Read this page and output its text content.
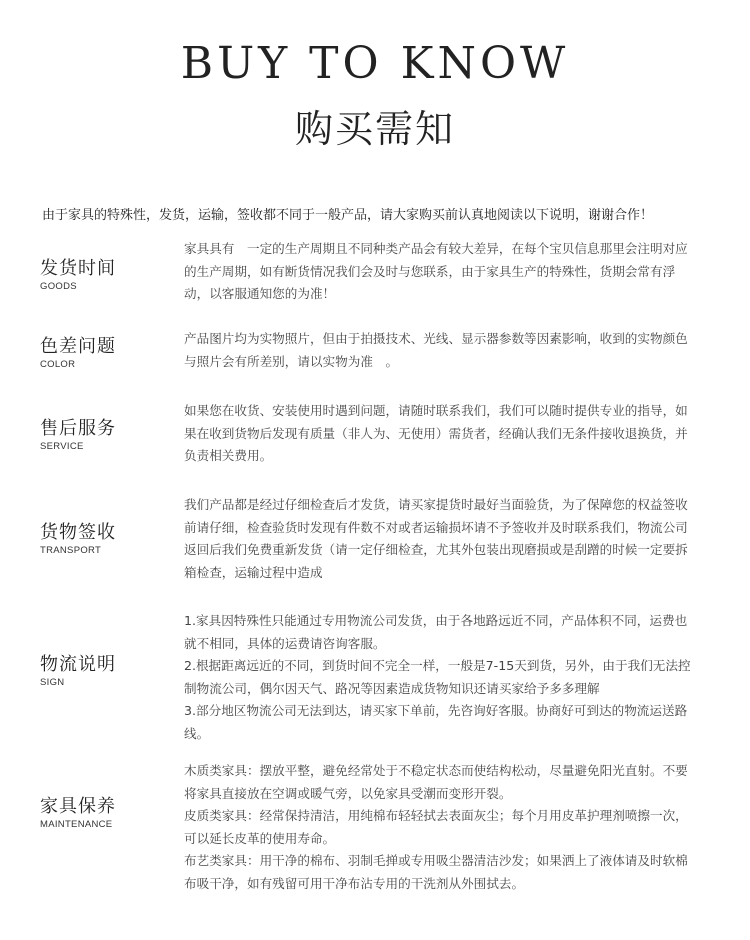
BUY TO KNOW
购买需知
由于家具的特殊性，发货，运输，签收都不同于一般产品，请大家购买前认真地阅读以下说明，谢谢合作！
发货时间
GOODS

家具具有　一定的生产周期且不同种类产品会有较大差异，在每个宝贝信息那里会注明对应的生产周期，如有断货情况我们会及时与您联系，由于家具生产的特殊性，货期会常有浮动，以客服通知您的为准！

色差问题
COLOR

产品图片均为实物照片，但由于拍摄技术、光线、显示器参数等因素影响，收到的实物颜色与照片会有所差别，请以实物为准　。

售后服务
SERVICE

如果您在收货、安装使用时遇到问题，请随时联系我们，我们可以随时提供专业的指导，如果在收到货物后发现有质量（非人为、无使用）需货者，经确认我们无条件接收退换货，并负责相关费用。

货物签收
TRANSPORT

我们产品都是经过仔细检查后才发货，请买家提货时最好当面验货，为了保障您的权益签收前请仔细，检查验货时发现有件数不对或者运输损坏请不予签收并及时联系我们，物流公司返回后我们免费重新发货（请一定仔细检查，尤其外包装出现磨损或是刮蹭的时候一定要拆箱检查，运输过程中造成

物流说明
SIGN

1.家具因特殊性只能通过专用物流公司发货，由于各地路远近不同，产品体积不同，运费也就不相同，具体的运费请咨询客服。

2.根据距离远近的不同，到货时间不完全一样，一般是7-15天到货，另外，由于我们无法控制物流公司，偶尔因天气、路况等因素造成货物知识还请买家给予多多理解

3.部分地区物流公司无法到达，请买家下单前，先咨询好客服。协商好可到达的物流运送路线。

家具保养
MAINTENANCE

木质类家具：摆放平整，避免经常处于不稳定状态而使结构松动，尽量避免阳光直射。不要将家具直接放在空调或暖气旁，以免家具受潮而变形开裂。

皮质类家具：经常保持清洁，用纯棉布轻轻拭去表面灰尘；每个月用皮革护理剂喷擦一次，可以延长皮革的使用寿命。

布艺类家具：用干净的棉布、羽制毛掸或专用吸尘器清洁沙发；如果洒上了液体请及时软棉布吸干净，如有残留可用干净布沾专用的干洗剂从外围拭去。
